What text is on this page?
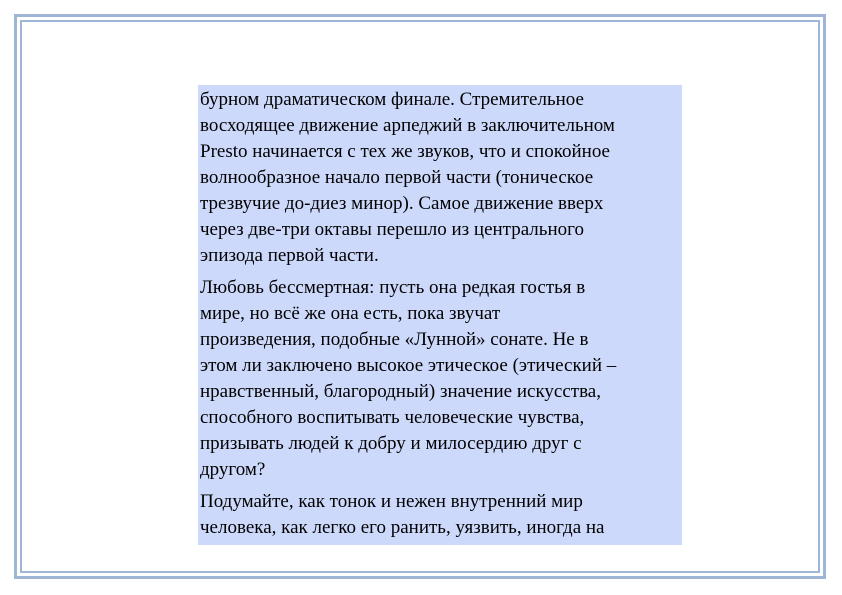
бурном драматическом финале. Стремительное
восходящее движение арпеджий в заключительном
Presto начинается с тех же звуков, что и спокойное
волнообразное начало первой части (тоническое
трезвучие до-диез минор). Самое движение вверх
через две-три октавы перешло из центрального
эпизода первой части.

Любовь бессмертная: пусть она редкая гостья в
мире, но всё же она есть, пока звучат
произведения, подобные «Лунной» сонате. Не в
этом ли заключено высокое этическое (этический –
нравственный, благородный) значение искусства,
способного воспитывать человеческие чувства,
призывать людей к добру и милосердию друг с
другом?

Подумайте, как тонок и нежен внутренний мир
человека, как легко его ранить, уязвить, иногда на
